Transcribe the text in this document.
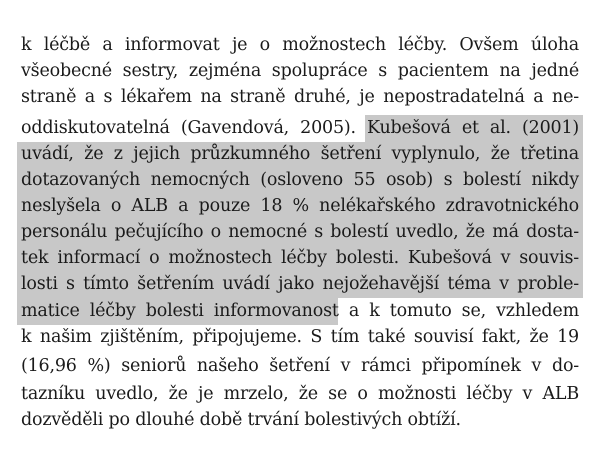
k léčbě a informovat je o možnostech léčby. Ovšem úloha
všeobecné sestry, zejména spolupráce s pacientem na jedné
straně a s lékařem na straně druhé, je nepostradatelná a ne-
oddiskutovatelná (Gavendová, 2005). Kubešová et al. (2001)
uvádí, že z jejich průzkumného šetření vyplynulo, že třetina
dotazovaných nemocných (osloveno 55 osob) s bolestí nikdy
neslyšela o ALB a pouze 18 % nelékařského zdravotnického
personálu pečujícího o nemocné s bolestí uvedlo, že má dosta-
tek informací o možnostech léčby bolesti. Kubešová v souvis-
losti s tímto šetřením uvádí jako nejožehavější téma v proble-
matice léčby bolesti informovanost a k tomuto se, vzhledem
k našim zjištěním, připojujeme. S tím také souvisí fakt, že 19
(16,96 %) seniorů našeho šetření v rámci připomínek v do-
tazníku uvedlo, že je mrzelo, že se o možnosti léčby v ALB
dozvěděli po dlouhé době trvání bolestivých obtíží.
